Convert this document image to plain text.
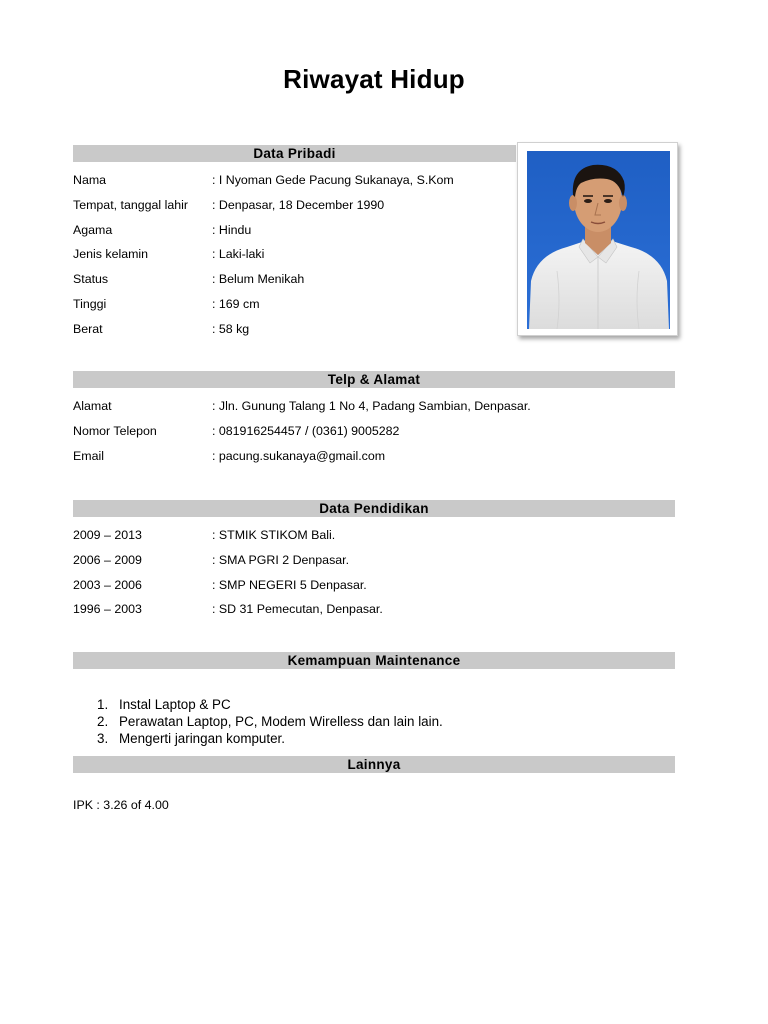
Riwayat Hidup
Data Pribadi
Nama	: I Nyoman Gede Pacung Sukanaya, S.Kom
Tempat, tanggal lahir : Denpasar, 18 December 1990
Agama	: Hindu
Jenis kelamin	: Laki-laki
Status	: Belum Menikah
Tinggi	: 169 cm
Berat	: 58 kg
Telp & Alamat
Alamat	: Jln. Gunung Talang 1 No 4, Padang Sambian, Denpasar.
Nomor Telepon	: 081916254457 / (0361) 9005282
Email	: pacung.sukanaya@gmail.com
Data Pendidikan
2009 – 2013	: STMIK STIKOM Bali.
2006 – 2009	: SMA PGRI 2 Denpasar.
2003 – 2006	: SMP NEGERI 5 Denpasar.
1996 – 2003	: SD 31 Pemecutan, Denpasar.
Kemampuan Maintenance
1. Instal Laptop & PC
2. Perawatan Laptop, PC, Modem Wirelless dan lain lain.
3. Mengerti jaringan komputer.
Lainnya
IPK : 3.26 of 4.00
